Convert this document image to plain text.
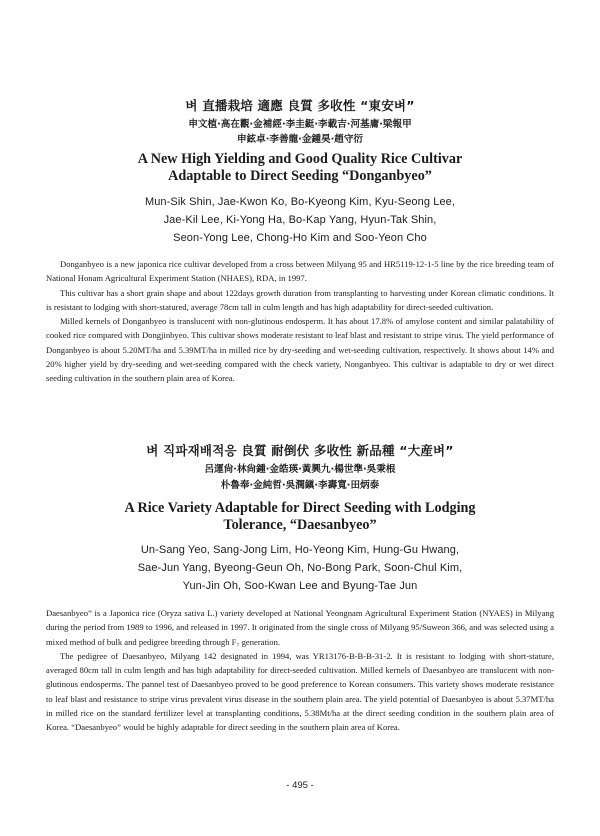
벼 直播栽培 適應 良質 多收性 “東安벼”
申文植·高在觀·金補經·李圭鋌·李載吉·河基庸·梁報甲
申鉉卓·李善龍·金鍾昊·趙守衍
A New High Yielding and Good Quality Rice Cultivar
Adaptable to Direct Seeding “Donganbyeo”
Mun-Sik Shin, Jae-Kwon Ko, Bo-Kyeong Kim, Kyu-Seong Lee,
Jae-Kil Lee, Ki-Yong Ha, Bo-Kap Yang, Hyun-Tak Shin,
Seon-Yong Lee, Chong-Ho Kim and Soo-Yeon Cho

Donganbyeo is a new japonica rice cultivar developed from a cross between Milyang 95 and HR5119-12-1-5 line by the rice breeding team of National Honam Agricultural Experiment Station (NHAES), RDA, in 1997.

This cultivar has a short grain shape and about 122days growth duration from transplanting to harvesting under Korean climatic conditions. It is resistant to lodging with short-statured, average 78cm tall in culm length and has high adaptability for direct-seeded cultivation.

Milled kernels of Donganbyeo is translucent with non-glutinous endosperm. It has about 17.8% of amylose content and similar palatability of cooked rice compared with Dongjinbyeo. This cultivar shows moderate resistant to leaf blast and resistant to stripe virus. The yield performance of Donganbyeo is about 5.20MT/ha and 5.39MT/ha in milled rice by dry-seeding and wet-seeding cultivation, respectively. It shows about 14% and 20% higher yield by dry-seeding and wet-seeding compared with the check variety, Nonganbyeo. This cultivar is adaptable to dry or wet direct seeding cultivation in the southern plain area of Korea.

벼 직파재배적응 良質 耐倒伏 多收性 新品種 “大産벼”
呂運尙·林尙鍾·金皓瑛·黃興九·楊世準·吳秉根
朴魯奉·金純哲·吳潤鎭·李壽寬·田炳泰
A Rice Variety Adaptable for Direct Seeding with Lodging
Tolerance, “Daesanbyeo”
Un-Sang Yeo, Sang-Jong Lim, Ho-Yeong Kim, Hung-Gu Hwang,
Sae-Jun Yang, Byeong-Geun Oh, No-Bong Park, Soon-Chul Kim,
Yun-Jin Oh, Soo-Kwan Lee and Byung-Tae Jun

Daesanbyeo” is a Japonica rice (Oryza sativa L.) variety developed at National Yeongnam Agricultural Experiment Station (NYAES) in Milyang during the period from 1989 to 1996, and released in 1997. It originated from the single cross of Milyang 95/Suweon 366, and was selected using a mixed method of bulk and pedigree breeding through F₇ generation.

The pedigree of Daesanbyeo, Milyang 142 designated in 1994, was YR13176-B-B-B-31-2. It is resistant to lodging with short-stature, averaged 80cm tall in culm length and has high adaptability for direct-seeded cultivation. Milled kernels of Daesanbyeo are translucent with non-glutinous endosperms. The pannel test of Daesanbyeo proved to be good preference to Korean consumers. This variety shows moderate resistance to leaf blast and resistance to stripe virus prevalent virus disease in the southern plain area. The yield potential of Daesanbyeo is about 5.37MT/ha in milled rice on the standard fertilizer level at transplanting conditions, 5.38Mt/ha at the direct seeding condition in the southern plain area of Korea. “Daesanbyeo” would be highly adaptable for direct seeding in the southern plain area of Korea.

- 495 -
